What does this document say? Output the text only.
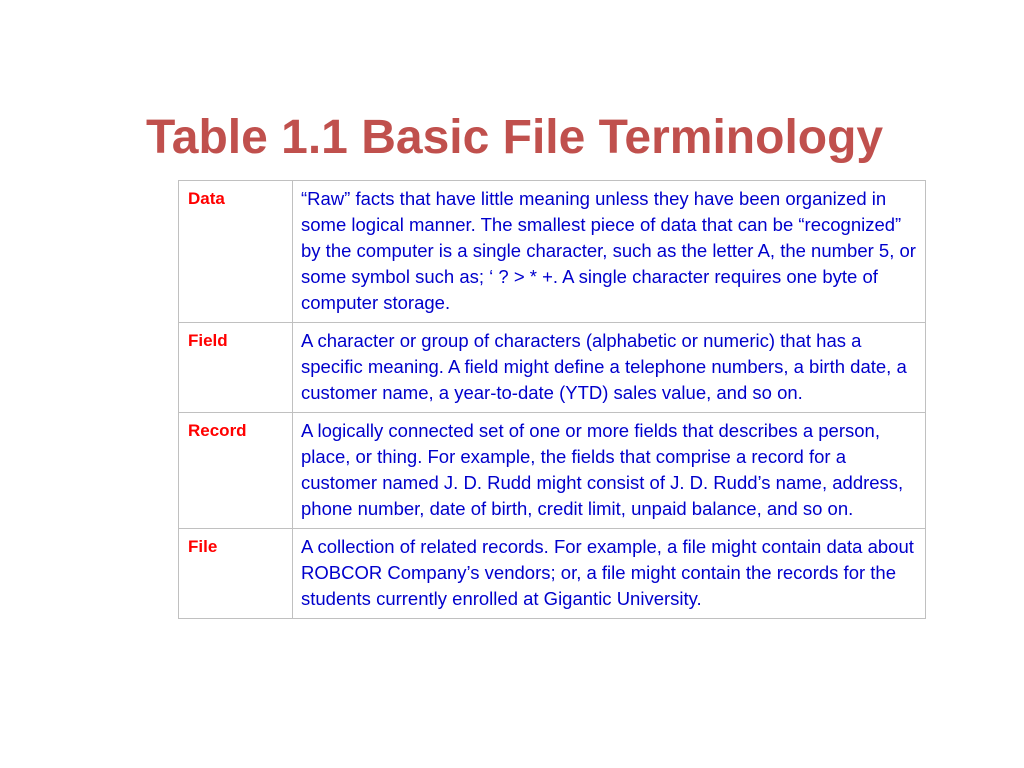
Table 1.1 Basic File Terminology
Data	“Raw” facts that have little meaning unless they have been organized in some logical manner. The smallest piece of data that can be “recognized” by the computer is a single character, such as the letter A, the number 5, or some symbol such as; ‘ ? > * +. A single character requires one byte of computer storage.
Field	A character or group of characters (alphabetic or numeric) that has a specific meaning. A field might define a telephone numbers, a birth date, a customer name, a year-to-date (YTD) sales value, and so on.
Record	A logically connected set of one or more fields that describes a person, place, or thing. For example, the fields that comprise a record for a customer named J. D. Rudd might consist of J. D. Rudd’s name, address, phone number, date of birth, credit limit, unpaid balance, and so on.
File	A collection of related records. For example, a file might contain data about ROBCOR Company’s vendors; or, a file might contain the records for the students currently enrolled at Gigantic University.
